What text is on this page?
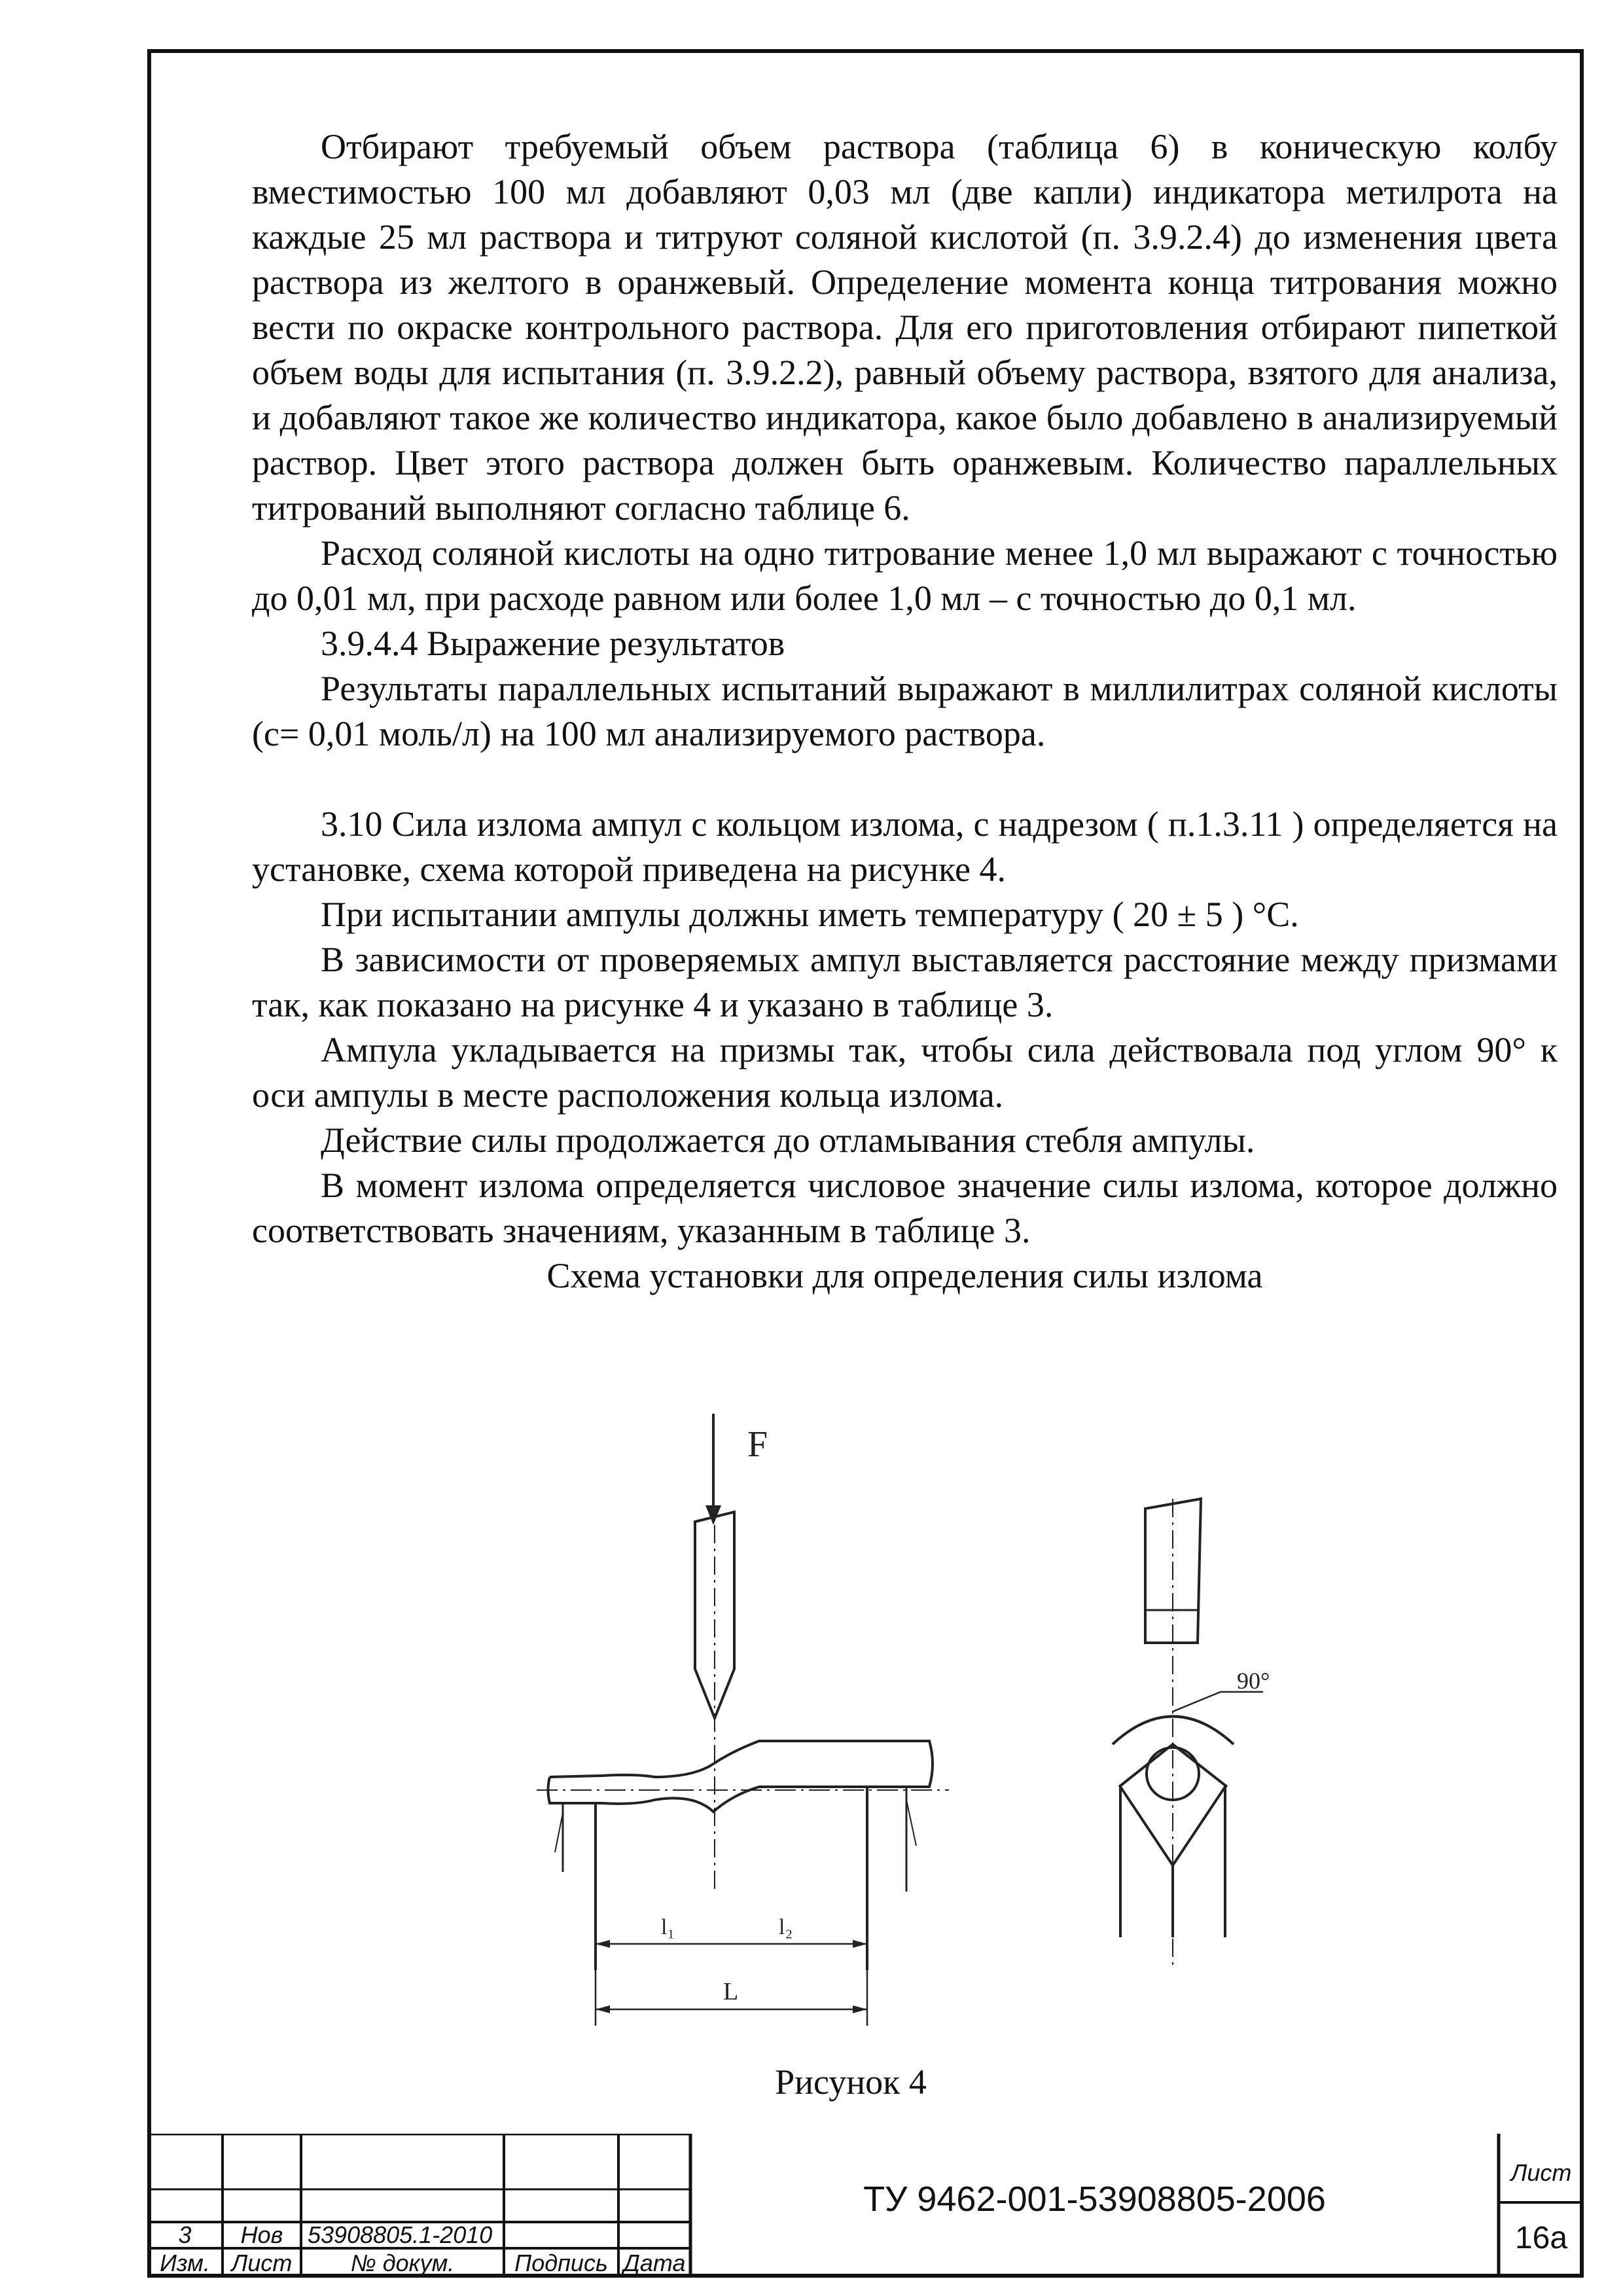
Отбирают требуемый объем раствора (таблица 6) в коническую колбу вместимостью 100 мл добавляют 0,03 мл (две капли) индикатора метилрота на каждые 25 мл раствора и титруют соляной кислотой (п. 3.9.2.4) до изменения цвета раствора из желтого в оранжевый. Определение момента конца титрования можно вести по окраске контрольного раствора. Для его приготовления отбирают пипеткой объем воды для испытания (п. 3.9.2.2), равный объему раствора, взятого для анализа, и добавляют такое же количество индикатора, какое было добавлено в анализируемый раствор. Цвет этого раствора должен быть оранжевым. Количество параллельных титрований выполняют согласно таблице 6.

Расход соляной кислоты на одно титрование менее 1,0 мл выражают с точностью до 0,01 мл, при расходе равном или более 1,0 мл – с точностью до 0,1 мл.

3.9.4.4 Выражение результатов

Результаты параллельных испытаний выражают в миллилитрах соляной кислоты (с= 0,01 моль/л) на 100 мл анализируемого раствора.

3.10 Сила излома ампул с кольцом излома, с надрезом ( п.1.3.11 ) определяется на установке, схема которой приведена на рисунке 4.

При испытании ампулы должны иметь температуру ( 20 ± 5 ) °С.

В зависимости от проверяемых ампул выставляется расстояние между призмами так, как показано на рисунке 4 и указано в таблице 3.

Ампула укладывается на призмы так, чтобы сила действовала под углом 90° к оси ампулы в месте расположения кольца излома.

Действие силы продолжается до отламывания стебля ампулы.

В момент излома определяется числовое значение силы излома, которое должно соответствовать значениям, указанным в таблице 3.

Схема установки для определения силы излома

F
l₁	l₂
L
90°
Рисунок 4
3	Нов	53908805.1-2010
Изм. Лист	№ докум.	Подпись Дата
ТУ 9462-001-53908805-2006
Лист
16а
